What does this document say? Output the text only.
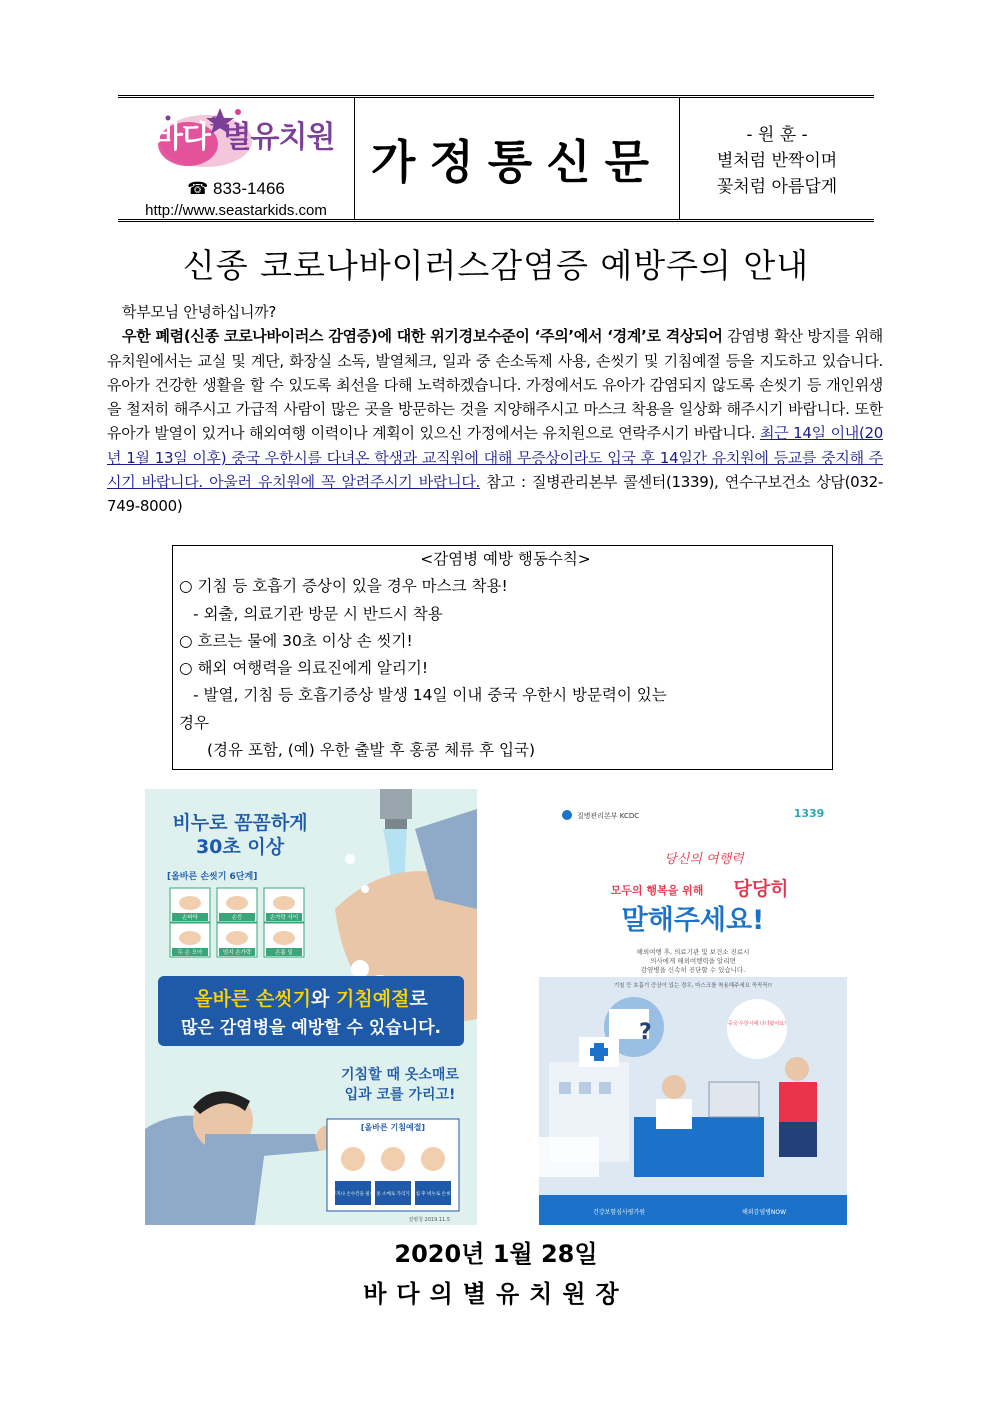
바다$^의$별유치원
☎ 833-1466
http://www.seastarkids.com
가정통신문	- 원 훈 -
별처럼 반짝이며
꽃처럼 아름답게
신종 코로나바이러스감염증 예방주의 안내

학부모님 안녕하십니까?

우한 폐렴(신종 코로나바이러스 감염증)에 대한 위기경보수준이 ‘주의’에서 ‘경계’로 격상되어 감염병 확산 방지를 위해 유치원에서는 교실 및 계단, 화장실 소독, 발열체크, 일과 중 손소독제 사용, 손씻기 및 기침예절 등을 지도하고 있습니다. 유아가 건강한 생활을 할 수 있도록 최선을 다해 노력하겠습니다. 가정에서도 유아가 감염되지 않도록 손씻기 등 개인위생을 철저히 해주시고 가급적 사람이 많은 곳을 방문하는 것을 지양해주시고 마스크 착용을 일상화 해주시기 바랍니다. 또한 유아가 발열이 있거나 해외여행 이력이나 계획이 있으신 가정에서는 유치원으로 연락주시기 바랍니다. 최근 14일 이내(20년 1월 13일 이후) 중국 우한시를 다녀온 학생과 교직원에 대해 무증상이라도 입국 후 14일간 유치원에 등교를 중지해 주시기 바랍니다. 아울러 유치원에 꼭 알려주시기 바랍니다. 참고 : 질병관리본부 콜센터(1339), 연수구보건소 상담(032-749-8000)

<감염병 예방 행동수칙>
○ 기침 등 호흡기 증상이 있을 경우 마스크 착용!
- 외출, 의료기관 방문 시 반드시 착용
○ 흐르는 물에 30초 이상 손 씻기!
○ 해외 여행력을 의료진에게 알리기!
- 발열, 기침 등 호흡기증상 발생 14일 이내 중국 우한시 방문력이 있는
경우
(경유 포함, (예) 우한 출발 후 홍콩 체류 후 입국)
비누로 꼼꼼하게
30초 이상
[올바른 손씻기 6단계]
손바닥	손등	손가락 사이
두 손 모아	엄지 손가락	손톱 밑
올바른 손씻기와 기침예절로
많은 감염병을 예방할 수 있습니다.
기침할 때 옷소매로
입과 코를 가리고!
[올바른 기침예절]
휴지나 손수건을 필수 옷 소매로 가리기 기침 후 비누로 손씻기
질병청 2019.11.5
질병관리본부 KCDC	1339
당신의 여행력
모두의 행복을 위해 당당히
말해주세요!
해외여행 후, 의료기관 및 보건소 진료시
의사에게 해외여행력을 알리면
감염병을 신속히 진단할 수 있습니다.
기침 등 호흡기 증상이 있는 경우, 마스크를 착용해주세요 꼭꼭꼭!!
?	중국 우한시에 다녀왔어요!
건강보험심사평가원	해외감염병NOW
2020년 1월 28일
바다의별유치원장
